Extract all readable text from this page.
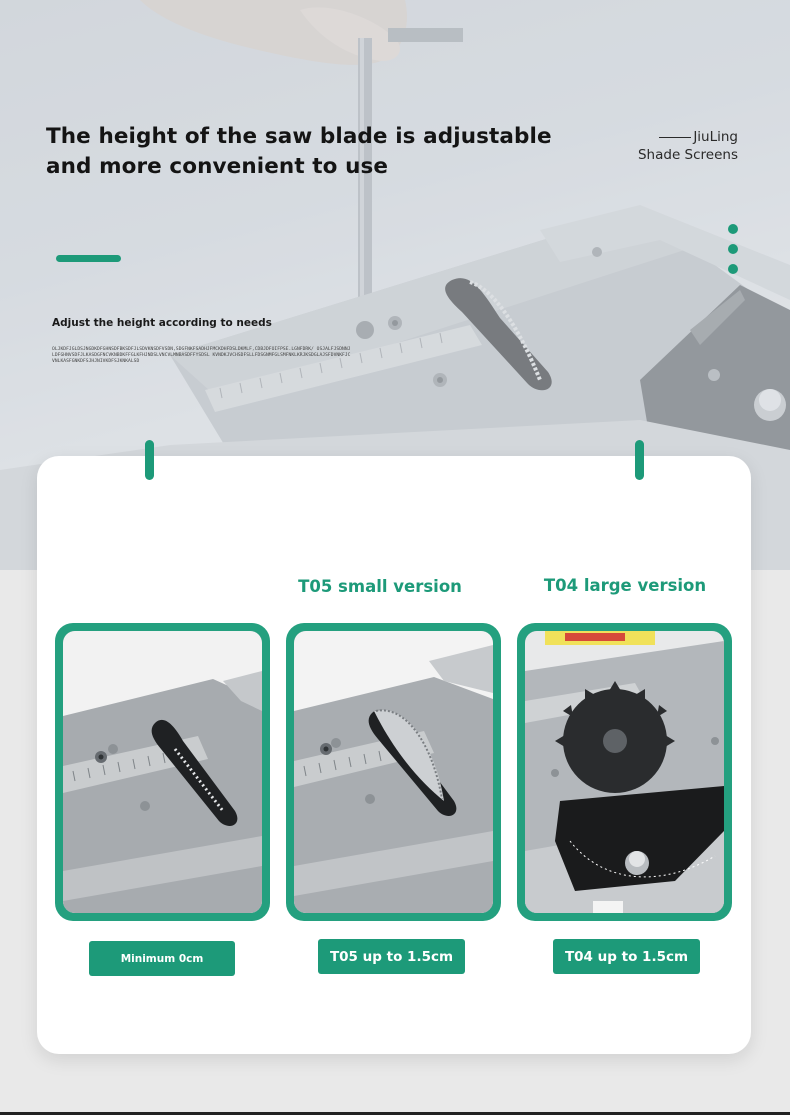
The height of the saw blade is adjustable
and more convenient to use
JiuLing
Shade Screens
Adjust the height according to needs
OLJKDFJGLDSJNGDKDFGHNSDFBKSDFJLSDVKNSDFVSDN,SDGFNKFSADHJFMCKDHFDSLDKMLF,CDBJDFOIFPSE.LGNFDRK/ OSJALFJSDNNJLDFGHNVSDFJLKASDGFNCVKNBDKFFGLKFHJNDSLVNCVLMNBASDFFYSDSL KVNDKJVCHSDFSLLFDSGNMFGLSMFNKLKRJKSDGLAJSFDVNKFJCVNLKASFGNKDFSJHJNIVKDFSJKNKALSD
T05 small version	T04 large version
Minimum 0cm	T05 up to 1.5cm	T04 up to 1.5cm
